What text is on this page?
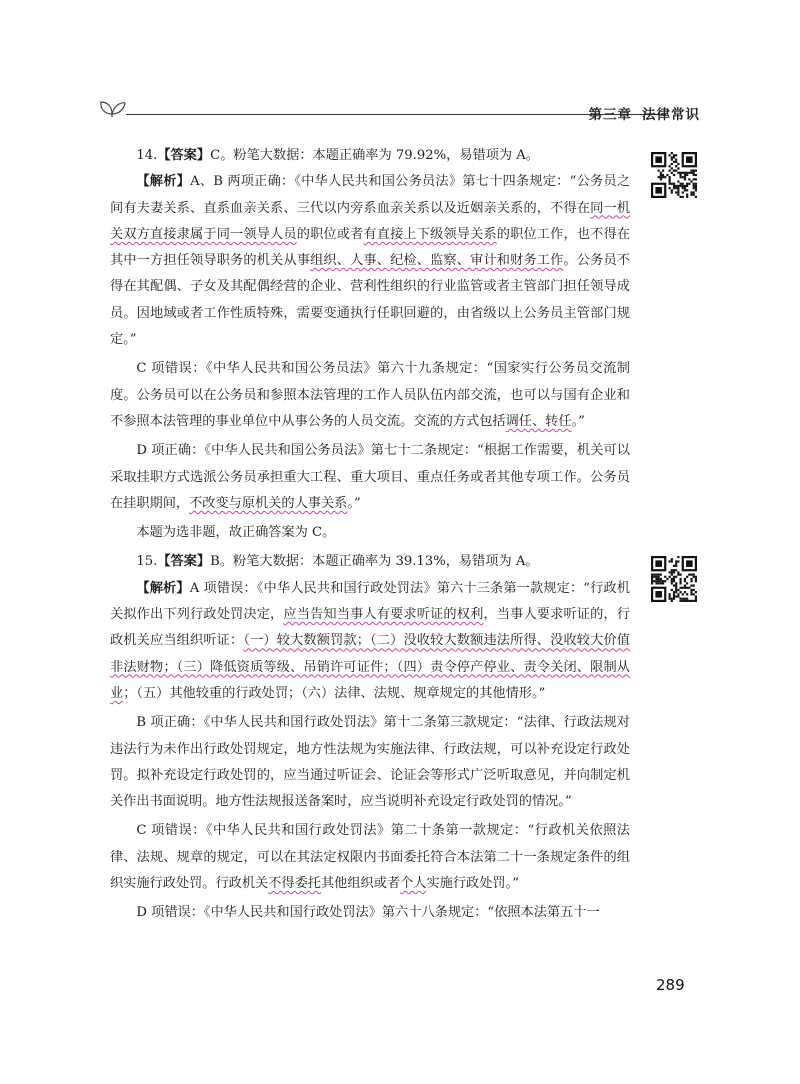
第三章 法律常识

14.【答案】C。粉笔大数据：本题正确率为 79.92%，易错项为 A。

【解析】A、B 两项正确：《中华人民共和国公务员法》第七十四条规定：“公务员之间有夫妻关系、直系血亲关系、三代以内旁系血亲关系以及近姻亲关系的，不得在同一机关双方直接隶属于同一领导人员的职位或者有直接上下级领导关系的职位工作，也不得在其中一方担任领导职务的机关从事组织、人事、纪检、监察、审计和财务工作。公务员不得在其配偶、子女及其配偶经营的企业、营利性组织的行业监管或者主管部门担任领导成员。因地域或者工作性质特殊，需要变通执行任职回避的，由省级以上公务员主管部门规定。”

C 项错误：《中华人民共和国公务员法》第六十九条规定：“国家实行公务员交流制度。公务员可以在公务员和参照本法管理的工作人员队伍内部交流，也可以与国有企业和不参照本法管理的事业单位中从事公务的人员交流。交流的方式包括调任、转任。”

D 项正确：《中华人民共和国公务员法》第七十二条规定：“根据工作需要，机关可以采取挂职方式选派公务员承担重大工程、重大项目、重点任务或者其他专项工作。公务员在挂职期间，不改变与原机关的人事关系。”

本题为选非题，故正确答案为 C。

15.【答案】B。粉笔大数据：本题正确率为 39.13%，易错项为 A。

【解析】A 项错误：《中华人民共和国行政处罚法》第六十三条第一款规定：“行政机关拟作出下列行政处罚决定，应当告知当事人有要求听证的权利，当事人要求听证的，行政机关应当组织听证：（一）较大数额罚款；（二）没收较大数额违法所得、没收较大价值非法财物；（三）降低资质等级、吊销许可证件；（四）责令停产停业、责令关闭、限制从业；（五）其他较重的行政处罚；（六）法律、法规、规章规定的其他情形。”

B 项正确：《中华人民共和国行政处罚法》第十二条第三款规定：“法律、行政法规对违法行为未作出行政处罚规定，地方性法规为实施法律、行政法规，可以补充设定行政处罚。拟补充设定行政处罚的，应当通过听证会、论证会等形式广泛听取意见，并向制定机关作出书面说明。地方性法规报送备案时，应当说明补充设定行政处罚的情况。”

C 项错误：《中华人民共和国行政处罚法》第二十条第一款规定：“行政机关依照法律、法规、规章的规定，可以在其法定权限内书面委托符合本法第二十一条规定条件的组织实施行政处罚。行政机关不得委托其他组织或者个人实施行政处罚。”

D 项错误：《中华人民共和国行政处罚法》第六十八条规定：“依照本法第五十一

289
